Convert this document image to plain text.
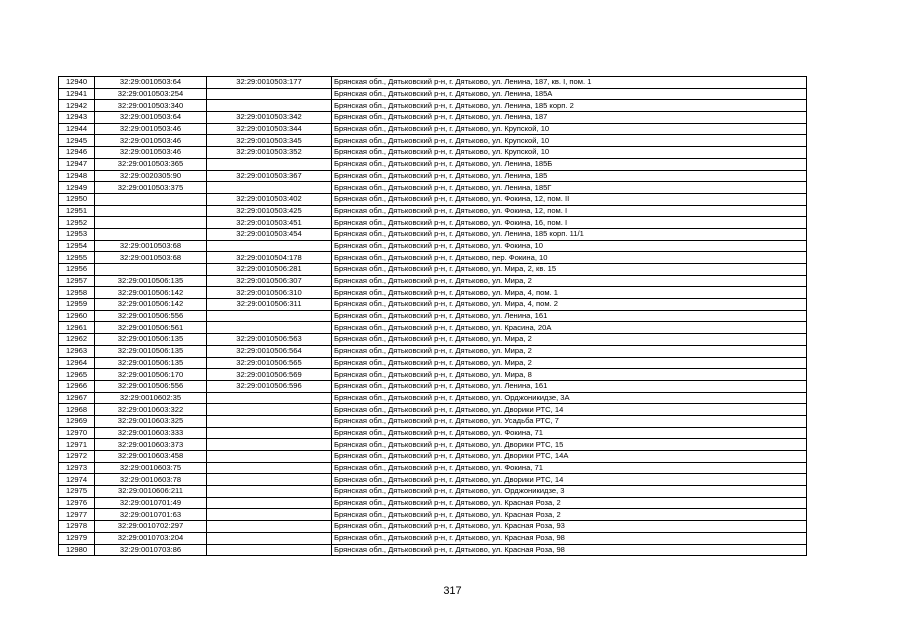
12940	32:29:0010503:64	32:29:0010503:177	Брянская обл., Дятьковский р-н, г. Дятьково, ул. Ленина, 187, кв. I, пом. 1
12941	32:29:0010503:254		Брянская обл., Дятьковский р-н, г. Дятьково, ул. Ленина, 185А
12942	32:29:0010503:340		Брянская обл., Дятьковский р-н, г. Дятьково, ул. Ленина, 185 корп. 2
12943	32:29:0010503:64	32:29:0010503:342	Брянская обл., Дятьковский р-н, г. Дятьково, ул. Ленина, 187
12944	32:29:0010503:46	32:29:0010503:344	Брянская обл., Дятьковский р-н, г. Дятьково, ул. Крупской, 10
12945	32:29:0010503:46	32:29:0010503:345	Брянская обл., Дятьковский р-н, г. Дятьково, ул. Крупской, 10
12946	32:29:0010503:46	32:29:0010503:352	Брянская обл., Дятьковский р-н, г. Дятьково, ул. Крупской, 10
12947	32:29:0010503:365		Брянская обл., Дятьковский р-н, г. Дятьково, ул. Ленина, 185Б
12948	32:29:0020305:90	32:29:0010503:367	Брянская обл., Дятьковский р-н, г. Дятьково, ул. Ленина, 185
12949	32:29:0010503:375		Брянская обл., Дятьковский р-н, г. Дятьково, ул. Ленина, 185Г
12950		32:29:0010503:402	Брянская обл., Дятьковский р-н, г. Дятьково, ул. Фокина, 12, пом. II
12951		32:29:0010503:425	Брянская обл., Дятьковский р-н, г. Дятьково, ул. Фокина, 12, пом. I
12952		32:29:0010503:451	Брянская обл., Дятьковский р-н, г. Дятьково, ул. Фокина, 16, пом. I
12953		32:29:0010503:454	Брянская обл., Дятьковский р-н, г. Дятьково, ул. Ленина, 185 корп. 11/1
12954	32:29:0010503:68		Брянская обл., Дятьковский р-н, г. Дятьково, ул. Фокина, 10
12955	32:29:0010503:68	32:29:0010504:178	Брянская обл., Дятьковский р-н, г. Дятьково, пер. Фокина, 10
12956		32:29:0010506:281	Брянская обл., Дятьковский р-н, г. Дятьково, ул. Мира, 2, кв. 15
12957	32:29:0010506:135	32:29:0010506:307	Брянская обл., Дятьковский р-н, г. Дятьково, ул. Мира, 2
12958	32:29:0010506:142	32:29:0010506:310	Брянская обл., Дятьковский р-н, г. Дятьково, ул. Мира, 4, пом. 1
12959	32:29:0010506:142	32:29:0010506:311	Брянская обл., Дятьковский р-н, г. Дятьково, ул. Мира, 4, пом. 2
12960	32:29:0010506:556		Брянская обл., Дятьковский р-н, г. Дятьково, ул. Ленина, 161
12961	32:29:0010506:561		Брянская обл., Дятьковский р-н, г. Дятьково, ул. Красина, 20А
12962	32:29:0010506:135	32:29:0010506:563	Брянская обл., Дятьковский р-н, г. Дятьково, ул. Мира, 2
12963	32:29:0010506:135	32:29:0010506:564	Брянская обл., Дятьковский р-н, г. Дятьково, ул. Мира, 2
12964	32:29:0010506:135	32:29:0010506:565	Брянская обл., Дятьковский р-н, г. Дятьково, ул. Мира, 2
12965	32:29:0010506:170	32:29:0010506:569	Брянская обл., Дятьковский р-н, г. Дятьково, ул. Мира, 8
12966	32:29:0010506:556	32:29:0010506:596	Брянская обл., Дятьковский р-н, г. Дятьково, ул. Ленина, 161
12967	32:29:0010602:35		Брянская обл., Дятьковский р-н, г. Дятьково, ул. Орджоникидзе, 3А
12968	32:29:0010603:322		Брянская обл., Дятьковский р-н, г. Дятьково, ул. Дворики РТС, 14
12969	32:29:0010603:325		Брянская обл., Дятьковский р-н, г. Дятьково, ул. Усадьба РТС, 7
12970	32:29:0010603:333		Брянская обл., Дятьковский р-н, г. Дятьково, ул. Фокина, 71
12971	32:29:0010603:373		Брянская обл., Дятьковский р-н, г. Дятьково, ул. Дворики РТС, 15
12972	32:29:0010603:458		Брянская обл., Дятьковский р-н, г. Дятьково, ул. Дворики РТС, 14А
12973	32:29:0010603:75		Брянская обл., Дятьковский р-н, г. Дятьково, ул. Фокина, 71
12974	32:29:0010603:78		Брянская обл., Дятьковский р-н, г. Дятьково, ул. Дворики РТС, 14
12975	32:29:0010606:211		Брянская обл., Дятьковский р-н, г. Дятьково, ул. Орджоникидзе, 3
12976	32:29:0010701:49		Брянская обл., Дятьковский р-н, г. Дятьково, ул. Красная Роза, 2
12977	32:29:0010701:63		Брянская обл., Дятьковский р-н, г. Дятьково, ул. Красная Роза, 2
12978	32:29:0010702:297		Брянская обл., Дятьковский р-н, г. Дятьково, ул. Красная Роза, 93
12979	32:29:0010703:204		Брянская обл., Дятьковский р-н, г. Дятьково, ул. Красная Роза, 98
12980	32:29:0010703:86		Брянская обл., Дятьковский р-н, г. Дятьково, ул. Красная Роза, 98
317
